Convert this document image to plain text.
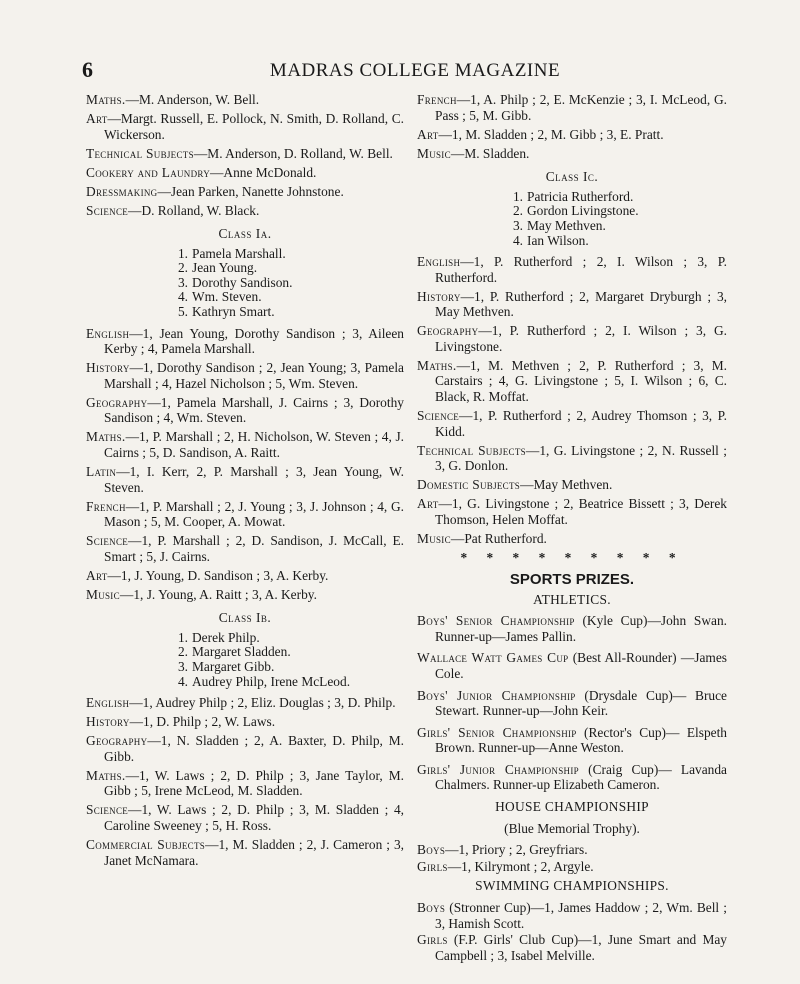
6	MADRAS COLLEGE MAGAZINE
Maths.—M. Anderson, W. Bell.
Art—Margt. Russell, E. Pollock, N. Smith, D. Rolland, C. Wickerson.
Technical Subjects—M. Anderson, D. Rolland, W. Bell.
Cookery and Laundry—Anne McDonald.
Dressmaking—Jean Parken, Nanette Johnstone.
Science—D. Rolland, W. Black.
Class Ia.
1. Pamela Marshall.
2. Jean Young.
3. Dorothy Sandison.
4. Wm. Steven.
5. Kathryn Smart.
English—1, Jean Young, Dorothy Sandison ; 3, Aileen Kerby ; 4, Pamela Marshall.
History—1, Dorothy Sandison ; 2, Jean Young; 3, Pamela Marshall ; 4, Hazel Nicholson ; 5, Wm. Steven.
Geography—1, Pamela Marshall, J. Cairns ; 3, Dorothy Sandison ; 4, Wm. Steven.
Maths.—1, P. Marshall ; 2, H. Nicholson, W. Steven ; 4, J. Cairns ; 5, D. Sandison, A. Raitt.
Latin—1, I. Kerr, 2, P. Marshall ; 3, Jean Young, W. Steven.
French—1, P. Marshall ; 2, J. Young ; 3, J. Johnson ; 4, G. Mason ; 5, M. Cooper, A. Mowat.
Science—1, P. Marshall ; 2, D. Sandison, J. McCall, E. Smart ; 5, J. Cairns.
Art—1, J. Young, D. Sandison ; 3, A. Kerby.
Music—1, J. Young, A. Raitt ; 3, A. Kerby.
Class Ib.
1. Derek Philp.
2. Margaret Sladden.
3. Margaret Gibb.
4. Audrey Philp, Irene McLeod.
English—1, Audrey Philp ; 2, Eliz. Douglas ; 3, D. Philp.
History—1, D. Philp ; 2, W. Laws.
Geography—1, N. Sladden ; 2, A. Baxter, D. Philp, M. Gibb.
Maths.—1, W. Laws ; 2, D. Philp ; 3, Jane Taylor, M. Gibb ; 5, Irene McLeod, M. Sladden.
Science—1, W. Laws ; 2, D. Philp ; 3, M. Sladden ; 4, Caroline Sweeney ; 5, H. Ross.
Commercial Subjects—1, M. Sladden ; 2, J. Cameron ; 3, Janet McNamara.
French—1, A. Philp ; 2, E. McKenzie ; 3, I. McLeod, G. Pass ; 5, M. Gibb.
Art—1, M. Sladden ; 2, M. Gibb ; 3, E. Pratt.
Music—M. Sladden.
Class Ic.
1. Patricia Rutherford.
2. Gordon Livingstone.
3. May Methven.
4. Ian Wilson.
English—1, P. Rutherford ; 2, I. Wilson ; 3, P. Rutherford.
History—1, P. Rutherford ; 2, Margaret Dryburgh ; 3, May Methven.
Geography—1, P. Rutherford ; 2, I. Wilson ; 3, G. Livingstone.
Maths.—1, M. Methven ; 2, P. Rutherford ; 3, M. Carstairs ; 4, G. Livingstone ; 5, I. Wilson ; 6, C. Black, R. Moffat.
Science—1, P. Rutherford ; 2, Audrey Thomson ; 3, P. Kidd.
Technical Subjects—1, G. Livingstone ; 2, N. Russell ; 3, G. Donlon.
Domestic Subjects—May Methven.
Art—1, G. Livingstone ; 2, Beatrice Bissett ; 3, Derek Thomson, Helen Moffat.
Music—Pat Rutherford.
* * * * * * * * *
SPORTS PRIZES.
ATHLETICS.
Boys' Senior Championship (Kyle Cup)—John Swan. Runner-up—James Pallin.
Wallace Watt Games Cup (Best All-Rounder) —James Cole.
Boys' Junior Championship (Drysdale Cup)— Bruce Stewart. Runner-up—John Keir.
Girls' Senior Championship (Rector's Cup)— Elspeth Brown. Runner-up—Anne Weston.
Girls' Junior Championship (Craig Cup)— Lavanda Chalmers. Runner-up Elizabeth Cameron.
HOUSE CHAMPIONSHIP
(Blue Memorial Trophy).
Boys—1, Priory ; 2, Greyfriars.
Girls—1, Kilrymont ; 2, Argyle.
SWIMMING CHAMPIONSHIPS.
Boys (Stronner Cup)—1, James Haddow ; 2, Wm. Bell ; 3, Hamish Scott.
Girls (F.P. Girls' Club Cup)—1, June Smart and May Campbell ; 3, Isabel Melville.
